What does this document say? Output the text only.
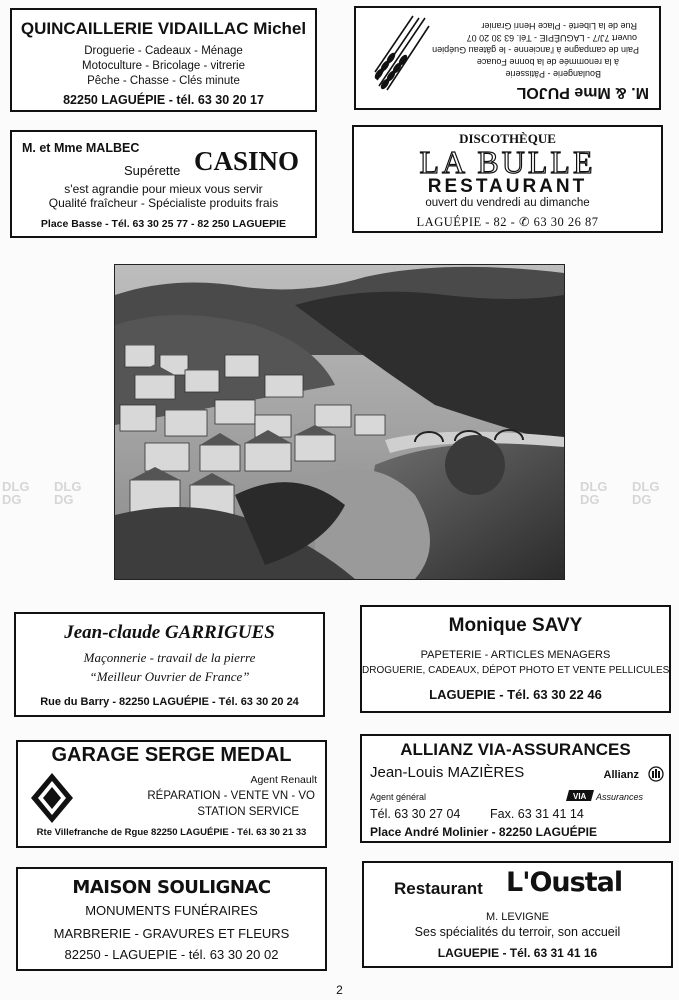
QUINCAILLERIE VIDAILLAC Michel
Droguerie - Cadeaux - Ménage
Motoculture - Bricolage - vitrerie
Pêche - Chasse - Clés minute
82250 LAGUÉPIE - tél. 63 30 20 17	M. & Mme PUJOL
Boulangerie - Pâtisserie
à la renommée de la bonne Fouace
Pain de campagne à l'ancienne - le gâteau Guépien
ouvert 7J/7 - LAGUÉPIE - Tél. 63 30 20 07
Rue de la Liberté - Place Henri Granier
M. et Mme MALBEC
Supérette CASINO
s'est agrandie pour mieux vous servir
Qualité fraîcheur - Spécialiste produits frais
Place Basse - Tél. 63 30 25 77 - 82 250 LAGUEPIE
DISCOTHÈQUE
LA BULLE
RESTAURANT
ouvert du vendredi au dimanche
LAGUÉPIE - 82 - ✆ 63 30 26 87
DLG
DG
DLG
DG
DLG
DG
DLG
DG
Jean-claude GARRIGUES
Maçonnerie - travail de la pierre
“Meilleur Ouvrier de France”
Rue du Barry - 82250 LAGUÉPIE - Tél. 63 30 20 24
Monique SAVY
PAPETERIE - ARTICLES MENAGERS
DROGUERIE, CADEAUX, DÉPOT PHOTO ET VENTE PELLICULES
LAGUEPIE - Tél. 63 30 22 46
GARAGE SERGE MEDAL
Agent Renault
RÉPARATION - VENTE VN - VO
STATION SERVICE
Rte Villefranche de Rgue 82250 LAGUÉPIE - Tél. 63 30 21 33
ALLIANZ VIA-ASSURANCES
Jean-Louis MAZIÈRES	Allianz
Agent général	VIA Assurances
Tél. 63 30 27 04	Fax. 63 31 41 14
Place André Molinier - 82250 LAGUÉPIE
MAISON SOULIGNAC
MONUMENTS FUNÉRAIRES
MARBRERIE - GRAVURES ET FLEURS
82250 - LAGUEPIE - tél. 63 30 20 02
Restaurant L'Oustal
M. LEVIGNE
Ses spécialités du terroir, son accueil
LAGUEPIE - Tél. 63 31 41 16
2
